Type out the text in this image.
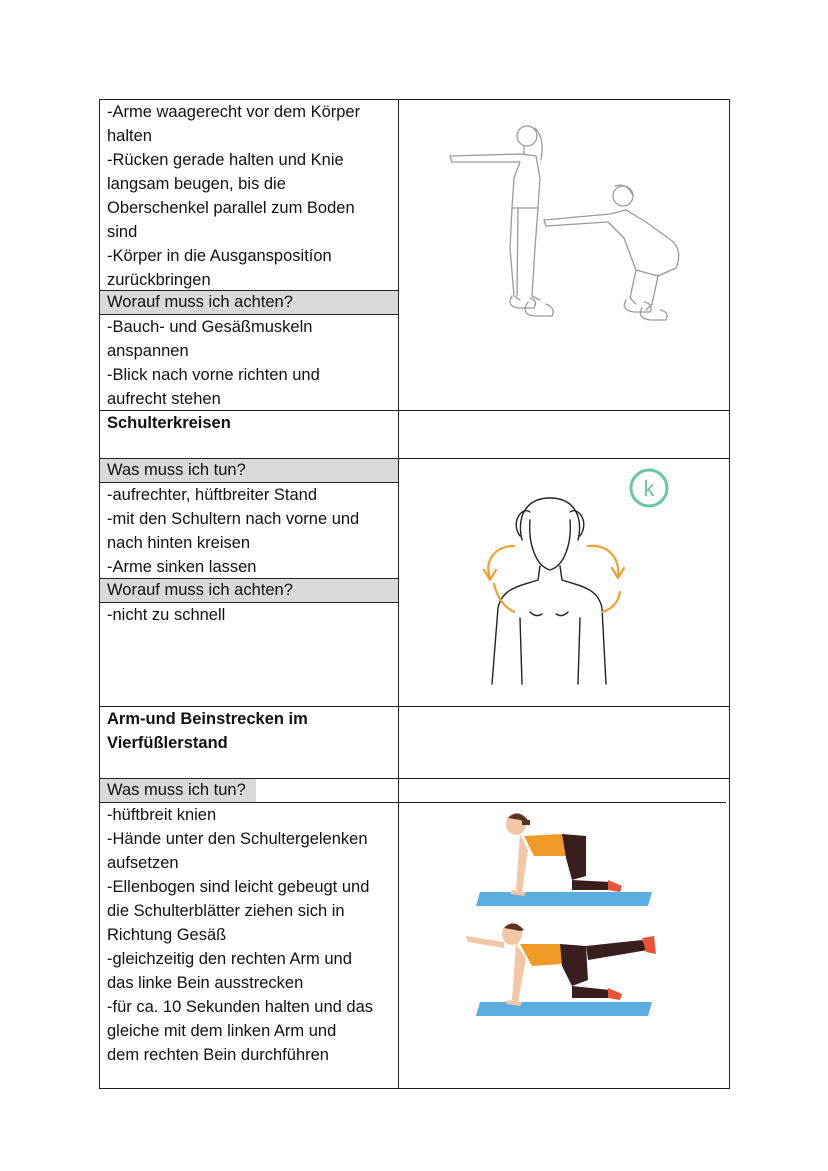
-Arme waagerecht vor dem Körper
halten
-Rücken gerade halten und Knie
langsam beugen, bis die
Oberschenkel parallel zum Boden
sind
-Körper in die Ausganspositíon
zurückbringen
Worauf muss ich achten?
-Bauch- und Gesäßmuskeln
anspannen
-Blick nach vorne richten und
aufrecht stehen
Schulterkreisen
Was muss ich tun?
-aufrechter, hüftbreiter Stand
-mit den Schultern nach vorne und
nach hinten kreisen
-Arme sinken lassen
Worauf muss ich achten?
-nicht zu schnell
k
Arm-und Beinstrecken im
Vierfüßlerstand
Was muss ich tun?
-hüftbreit knien
-Hände unter den Schultergelenken
aufsetzen
-Ellenbogen sind leicht gebeugt und
die Schulterblätter ziehen sich in
Richtung Gesäß
-gleichzeitig den rechten Arm und
das linke Bein ausstrecken
-für ca. 10 Sekunden halten und das
gleiche mit dem linken Arm und
dem rechten Bein durchführen
